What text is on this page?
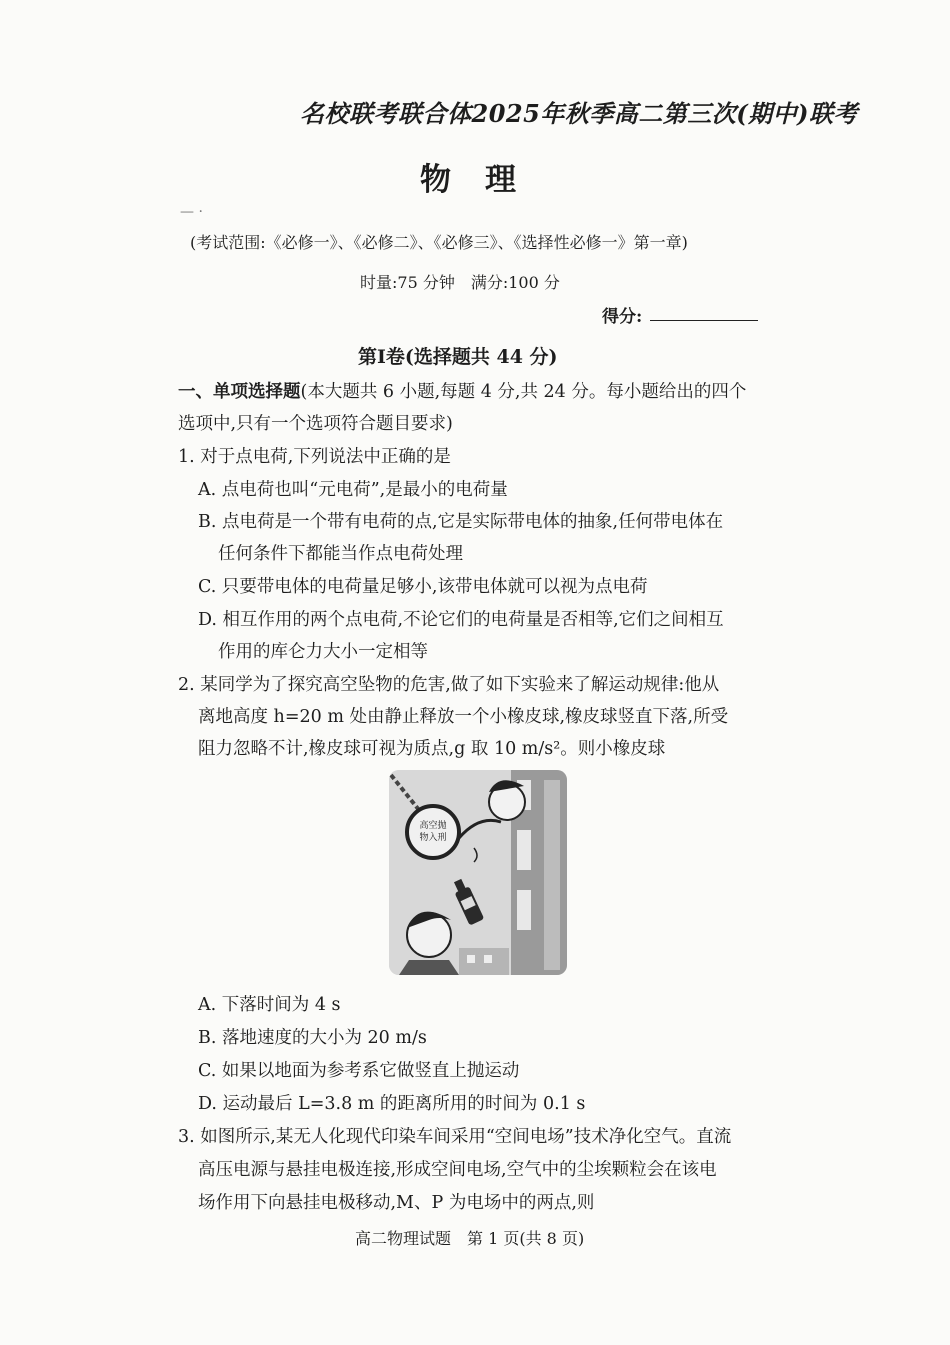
名校联考联合体2025年秋季高二第三次(期中)联考
物 理
— ·
(考试范围:《必修一》、《必修二》、《必修三》、《选择性必修一》第一章)
时量:75 分钟　满分:100 分
得分:
第Ⅰ卷(选择题共 44 分)
一、单项选择题(本大题共 6 小题,每题 4 分,共 24 分。每小题给出的四个
选项中,只有一个选项符合题目要求)
1. 对于点电荷,下列说法中正确的是
A. 点电荷也叫“元电荷”,是最小的电荷量
B. 点电荷是一个带有电荷的点,它是实际带电体的抽象,任何带电体在
任何条件下都能当作点电荷处理
C. 只要带电体的电荷量足够小,该带电体就可以视为点电荷
D. 相互作用的两个点电荷,不论它们的电荷量是否相等,它们之间相互
作用的库仑力大小一定相等
2. 某同学为了探究高空坠物的危害,做了如下实验来了解运动规律:他从
离地高度 h=20 m 处由静止释放一个小橡皮球,橡皮球竖直下落,所受
阻力忽略不计,橡皮球可视为质点,g 取 10 m/s²。则小橡皮球
高空抛
物入刑
A. 下落时间为 4 s
B. 落地速度的大小为 20 m/s
C. 如果以地面为参考系它做竖直上抛运动
D. 运动最后 L=3.8 m 的距离所用的时间为 0.1 s
3. 如图所示,某无人化现代印染车间采用“空间电场”技术净化空气。直流
高压电源与悬挂电极连接,形成空间电场,空气中的尘埃颗粒会在该电
场作用下向悬挂电极移动,M、P 为电场中的两点,则
高二物理试题　第 1 页(共 8 页)
